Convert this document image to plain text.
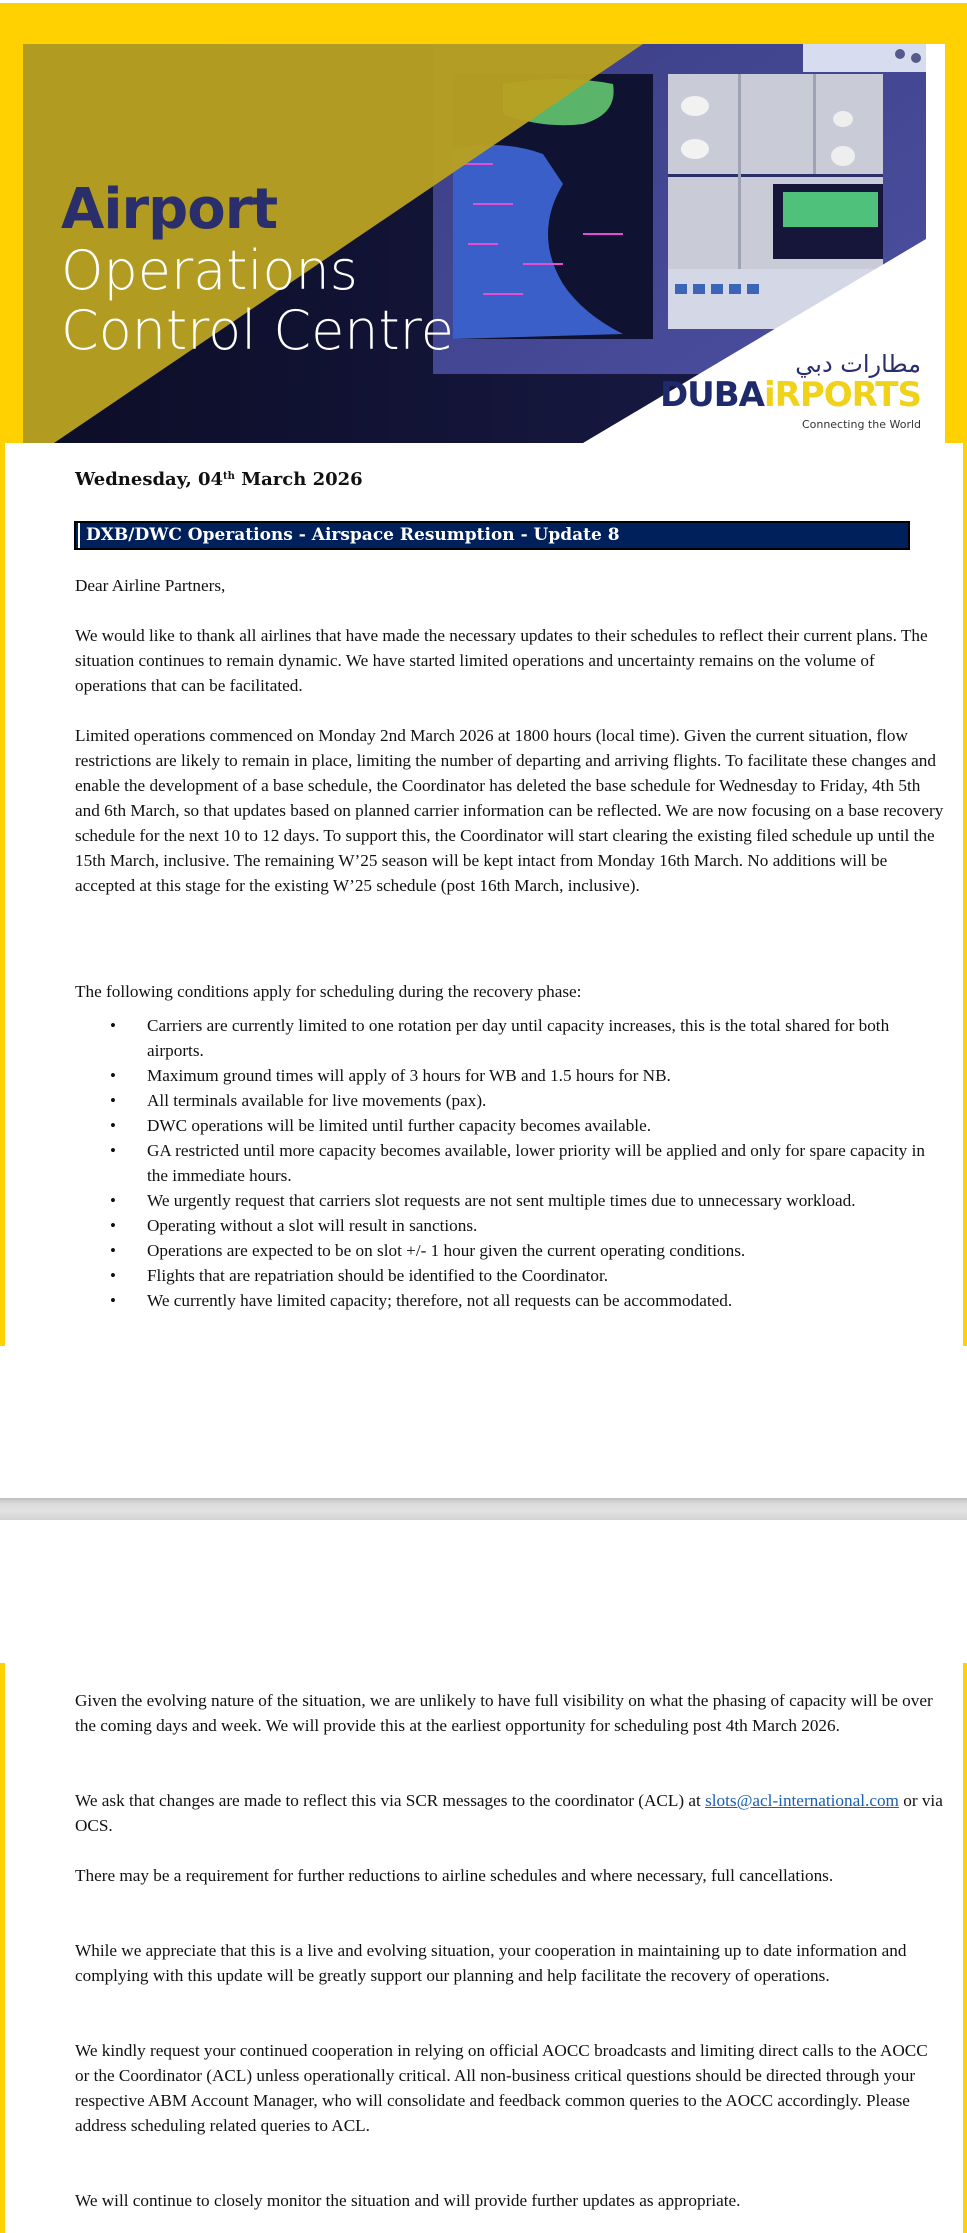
Airport
Operations
Control Centre
مطارات دبي
DUBAiRPORTS
Connecting the World
Wednesday, 04th March 2026
DXB/DWC Operations - Airspace Resumption - Update 8

Dear Airline Partners,

We would like to thank all airlines that have made the necessary updates to their schedules to reflect their current plans. The situation continues to remain dynamic. We have started limited operations and uncertainty remains on the volume of operations that can be facilitated.

Limited operations commenced on Monday 2nd March 2026 at 1800 hours (local time). Given the current situation, flow restrictions are likely to remain in place, limiting the number of departing and arriving flights. To facilitate these changes and enable the development of a base schedule, the Coordinator has deleted the base schedule for Wednesday to Friday, 4th 5th and 6th March, so that updates based on planned carrier information can be reflected. We are now focusing on a base recovery schedule for the next 10 to 12 days. To support this, the Coordinator will start clearing the existing filed schedule up until the 15th March, inclusive. The remaining W’25 season will be kept intact from Monday 16th March. No additions will be accepted at this stage for the existing W’25 schedule (post 16th March, inclusive).

The following conditions apply for scheduling during the recovery phase:

• Carriers are currently limited to one rotation per day until capacity increases, this is the total shared for both airports.
• Maximum ground times will apply of 3 hours for WB and 1.5 hours for NB.
• All terminals available for live movements (pax).
• DWC operations will be limited until further capacity becomes available.
• GA restricted until more capacity becomes available, lower priority will be applied and only for spare capacity in the immediate hours.
• We urgently request that carriers slot requests are not sent multiple times due to unnecessary workload.
• Operating without a slot will result in sanctions.
• Operations are expected to be on slot +/- 1 hour given the current operating conditions.
• Flights that are repatriation should be identified to the Coordinator.
• We currently have limited capacity; therefore, not all requests can be accommodated.

Given the evolving nature of the situation, we are unlikely to have full visibility on what the phasing of capacity will be over the coming days and week. We will provide this at the earliest opportunity for scheduling post 4th March 2026.

We ask that changes are made to reflect this via SCR messages to the coordinator (ACL) at slots@acl-international.com or via OCS.

There may be a requirement for further reductions to airline schedules and where necessary, full cancellations.

While we appreciate that this is a live and evolving situation, your cooperation in maintaining up to date information and complying with this update will be greatly support our planning and help facilitate the recovery of operations.

We kindly request your continued cooperation in relying on official AOCC broadcasts and limiting direct calls to the AOCC or the Coordinator (ACL) unless operationally critical. All non-business critical questions should be directed through your respective ABM Account Manager, who will consolidate and feedback common queries to the AOCC accordingly. Please address scheduling related queries to ACL.

We will continue to closely monitor the situation and will provide further updates as appropriate.
